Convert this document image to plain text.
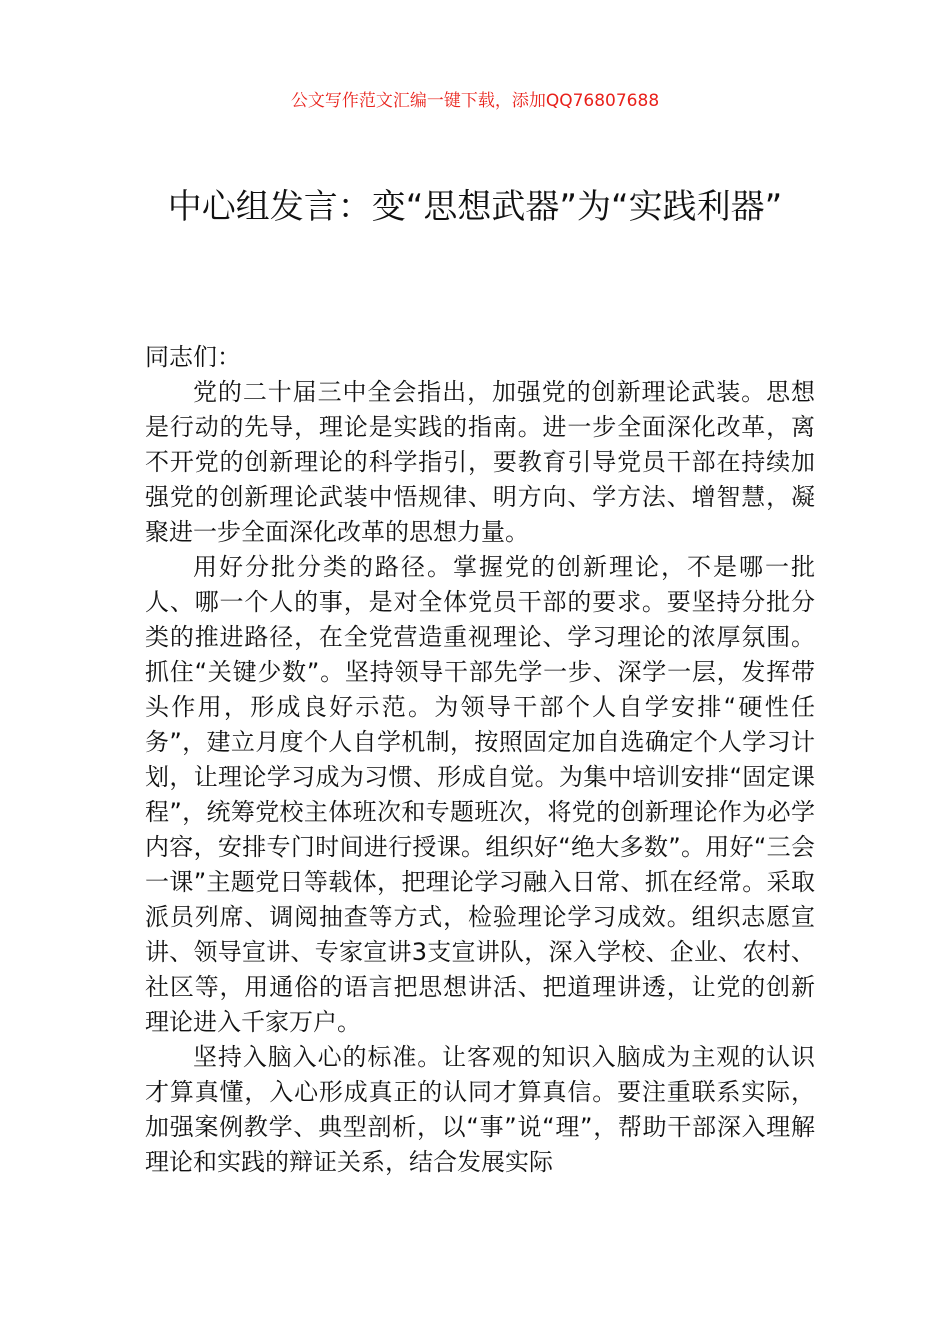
公文写作范文汇编一键下载，添加QQ76807688
中心组发言：变“思想武器”为“实践利器”

同志们：

党的二十届三中全会指出，加强党的创新理论武装。思想是行动的先导，理论是实践的指南。进一步全面深化改革，离不开党的创新理论的科学指引，要教育引导党员干部在持续加强党的创新理论武装中悟规律、明方向、学方法、增智慧，凝聚进一步全面深化改革的思想力量。

用好分批分类的路径。掌握党的创新理论，不是哪一批人、哪一个人的事，是对全体党员干部的要求。要坚持分批分类的推进路径，在全党营造重视理论、学习理论的浓厚氛围。抓住“关键少数”。坚持领导干部先学一步、深学一层，发挥带头作用，形成良好示范。为领导干部个人自学安排“硬性任务”，建立月度个人自学机制，按照固定加自选确定个人学习计划，让理论学习成为习惯、形成自觉。为集中培训安排“固定课程”，统筹党校主体班次和专题班次，将党的创新理论作为必学内容，安排专门时间进行授课。组织好“绝大多数”。用好“三会一课”主题党日等载体，把理论学习融入日常、抓在经常。采取派员列席、调阅抽查等方式，检验理论学习成效。组织志愿宣讲、领导宣讲、专家宣讲3支宣讲队，深入学校、企业、农村、社区等，用通俗的语言把思想讲活、把道理讲透，让党的创新理论进入千家万户。

坚持入脑入心的标准。让客观的知识入脑成为主观的认识才算真懂，入心形成真正的认同才算真信。要注重联系实际，加强案例教学、典型剖析，以“事”说“理”，帮助干部深入理解理论和实践的辩证关系，结合发展实际
